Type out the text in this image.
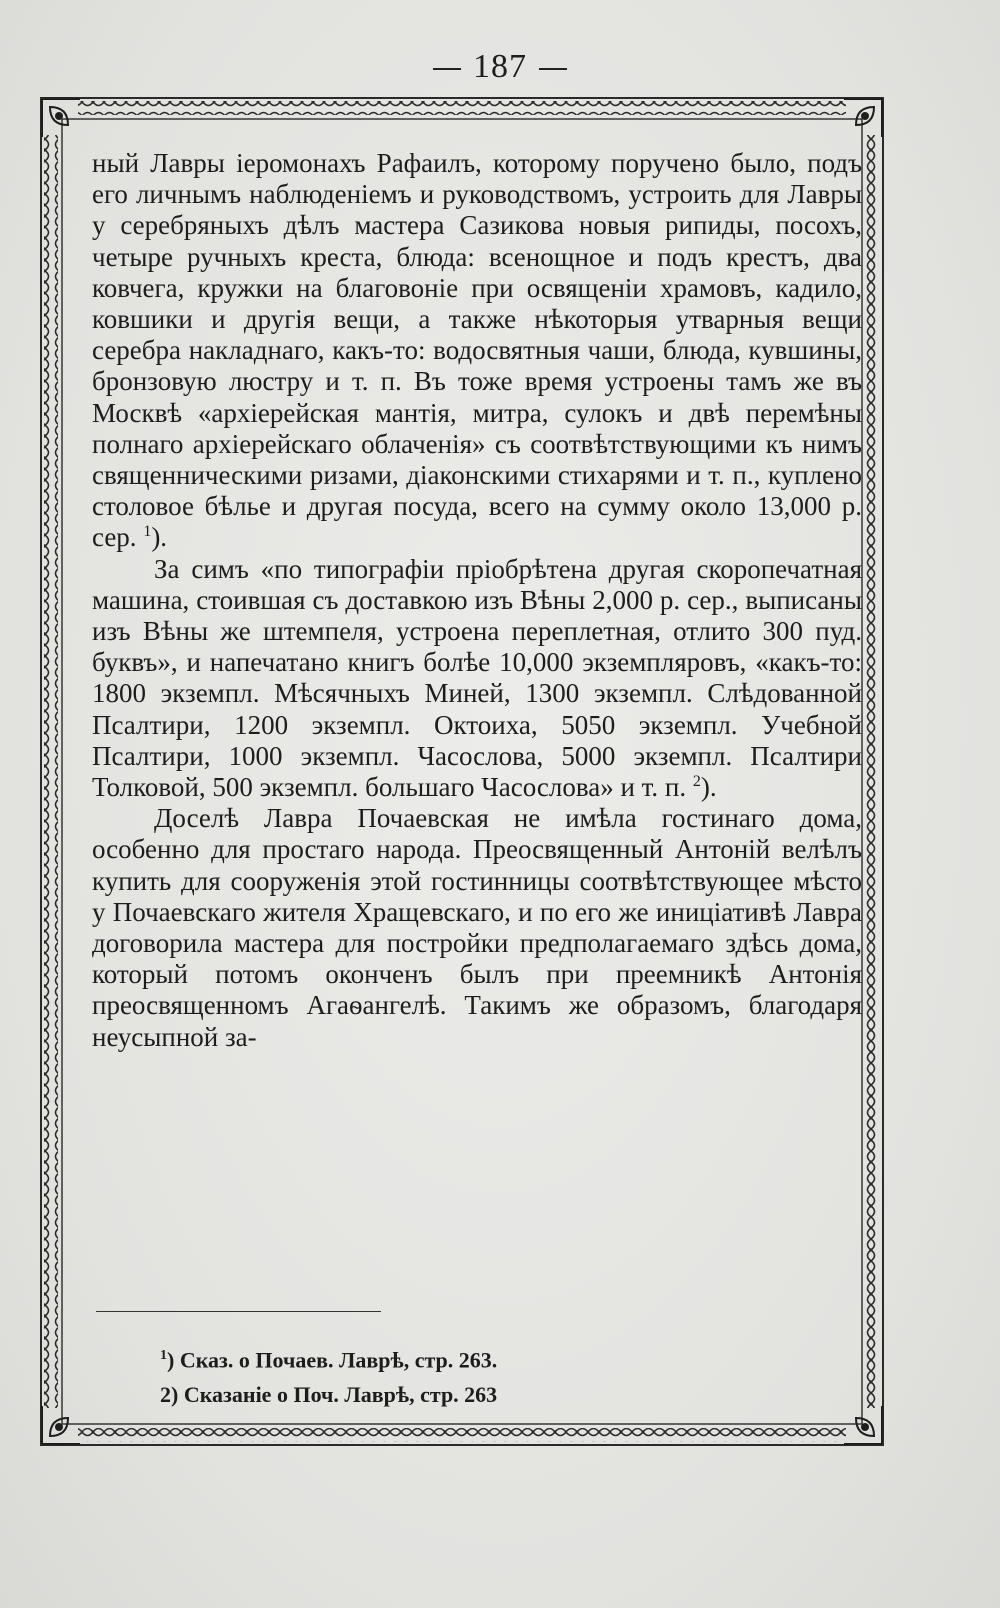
187

ный Лавры іеромонахъ Рафаилъ, которому поручено было, подъ его личнымъ наблюденіемъ и руководствомъ, устроить для Лавры у серебряныхъ дѣлъ мастера Сазикова новыя рипиды, посохъ, четыре ручныхъ креста, блюда: всенощное и подъ крестъ, два ковчега, кружки на благовоніе при освященіи храмовъ, кадило, ковшики и другія вещи, а также нѣкоторыя утварныя вещи серебра накладнаго, какъ-то: водосвятныя чаши, блюда, кувшины, бронзовую люстру и т. п. Въ тоже время устроены тамъ же въ Москвѣ «архіерейская мантія, митра, сулокъ и двѣ перемѣны полнаго архіерейскаго облаченія» съ соотвѣтствующими къ нимъ священническими ризами, діаконскими стихарями и т. п., куплено столовое бѣлье и другая посуда, всего на сумму около 13,000 р. сер. $^1$).

За симъ «по типографіи пріобрѣтена другая скоропечатная машина, стоившая съ доставкою изъ Вѣны 2,000 р. сер., выписаны изъ Вѣны же штемпеля, устроена переплетная, отлито 300 пуд. буквъ», и напечатано книгъ болѣе 10,000 экземпляровъ, «какъ-то: 1800 экземпл. Мѣсячныхъ Миней, 1300 экземпл. Слѣдованной Псалтири, 1200 экземпл. Октоиха, 5050 экземпл. Учебной Псалтири, 1000 экземпл. Часослова, 5000 экземпл. Псалтири Толковой, 500 экземпл. большаго Часослова» и т. п. $^2$).

Доселѣ Лавра Почаевская не имѣла гостинаго дома, особенно для простаго народа. Преосвященный Антоній велѣлъ купить для сооруженія этой гостинницы соотвѣтствующее мѣсто у Почаевскаго жителя Хращевскаго, и по его же иниціативѣ Лавра договорила мастера для постройки предполагаемаго здѣсь дома, который потомъ оконченъ былъ при преемникѣ Антонія преосвященномъ Агаѳангелѣ. Такимъ же образомъ, благодаря неусыпной за-

$^1$) Сказ. о Почаев. Лаврѣ, стр. 263.
2) Сказаніе о Поч. Лаврѣ, стр. 263
